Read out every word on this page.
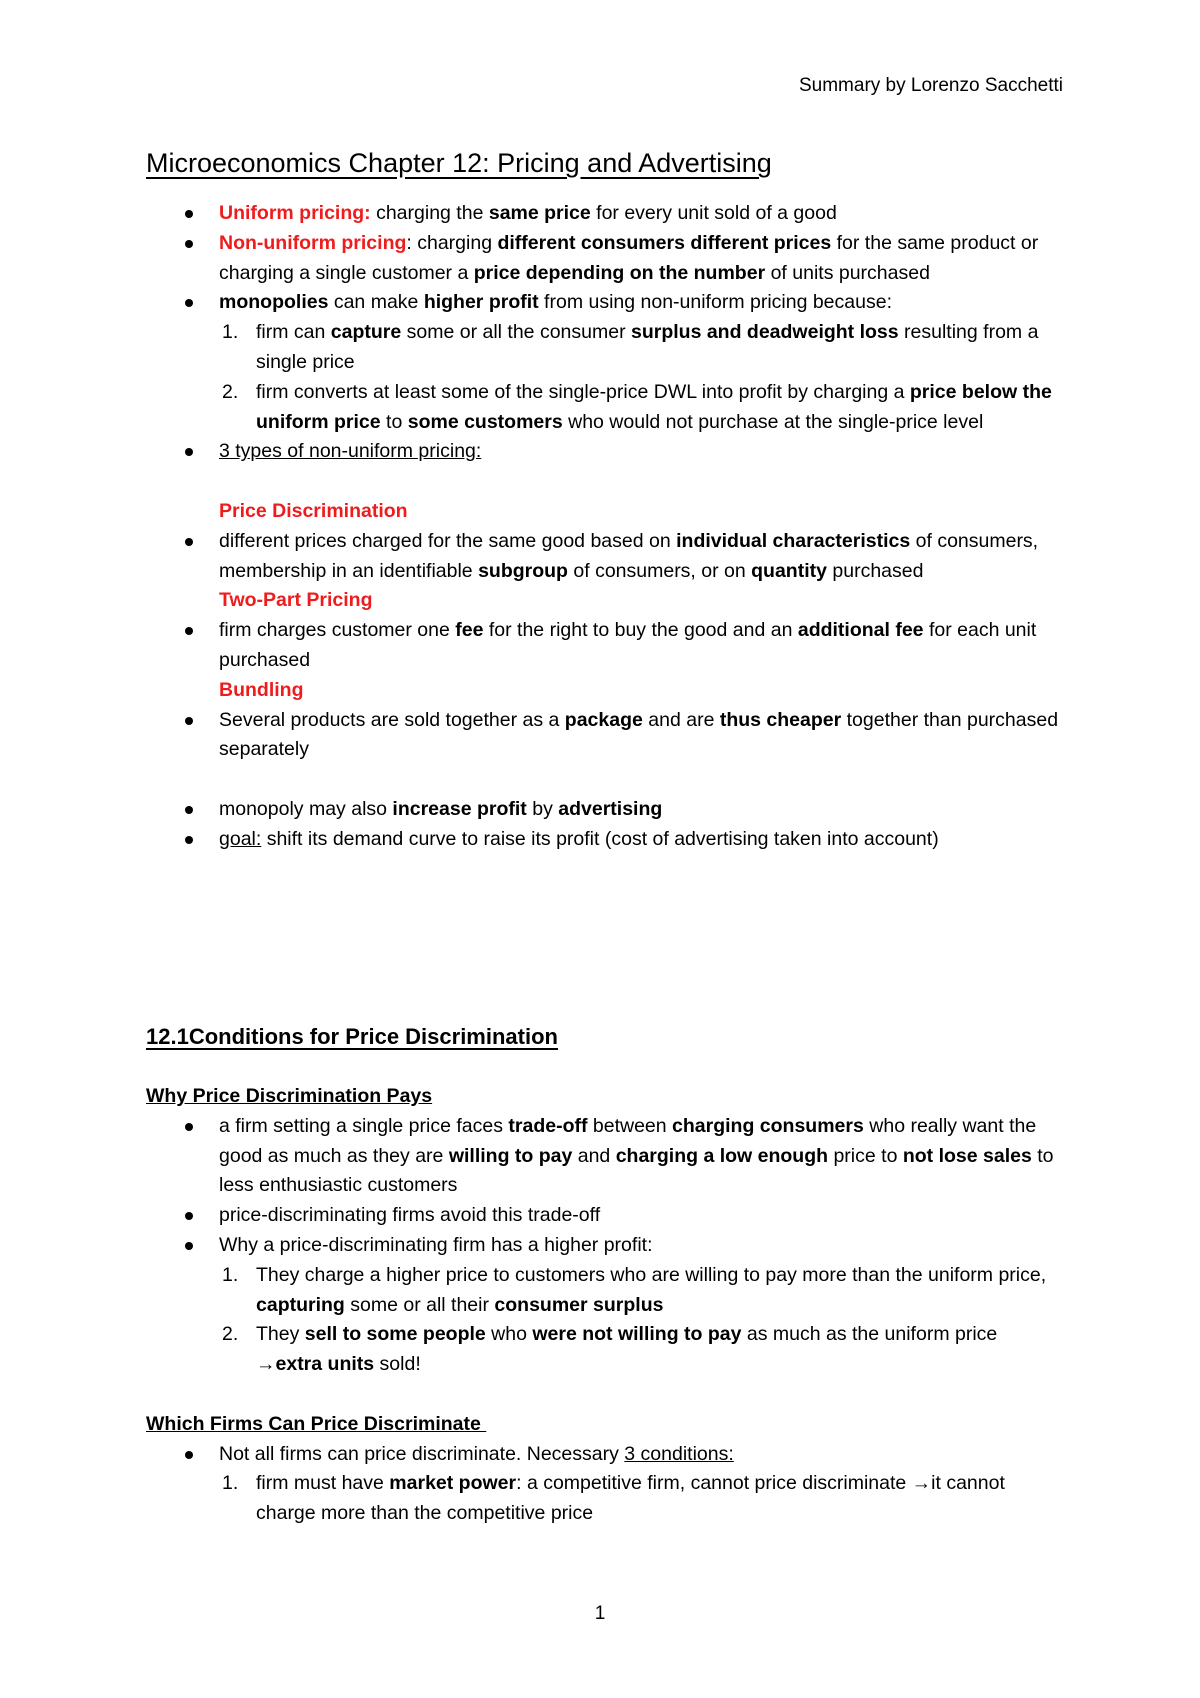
Summary by Lorenzo Sacchetti
Microeconomics Chapter 12: Pricing and Advertising
Uniform pricing: charging the same price for every unit sold of a good
Non-uniform pricing: charging different consumers different prices for the same product or charging a single customer a price depending on the number of units purchased
monopolies can make higher profit from using non-uniform pricing because:
1. firm can capture some or all the consumer surplus and deadweight loss resulting from a single price
2. firm converts at least some of the single-price DWL into profit by charging a price below the uniform price to some customers who would not purchase at the single-price level
3 types of non-uniform pricing:
Price Discrimination
different prices charged for the same good based on individual characteristics of consumers, membership in an identifiable subgroup of consumers, or on quantity purchased
Two-Part Pricing
firm charges customer one fee for the right to buy the good and an additional fee for each unit purchased
Bundling
Several products are sold together as a package and are thus cheaper together than purchased separately
monopoly may also increase profit by advertising
goal: shift its demand curve to raise its profit (cost of advertising taken into account)
12.1Conditions for Price Discrimination
Why Price Discrimination Pays
a firm setting a single price faces trade-off between charging consumers who really want the good as much as they are willing to pay and charging a low enough price to not lose sales to less enthusiastic customers
price-discriminating firms avoid this trade-off
Why a price-discriminating firm has a higher profit:
1. They charge a higher price to customers who are willing to pay more than the uniform price, capturing some or all their consumer surplus
2. They sell to some people who were not willing to pay as much as the uniform price →extra units sold!
Which Firms Can Price Discriminate
Not all firms can price discriminate. Necessary 3 conditions:
1. firm must have market power: a competitive firm, cannot price discriminate →it cannot charge more than the competitive price
1
